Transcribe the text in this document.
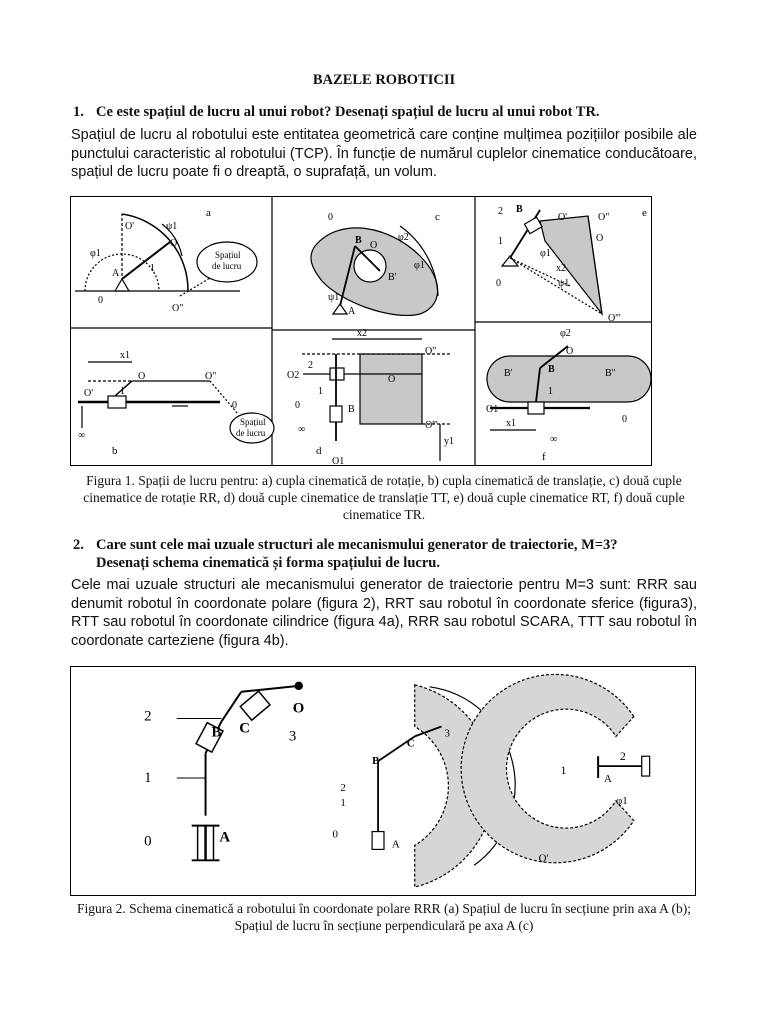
BAZELE ROBOTICII
1. Ce este spațiul de lucru al unui robot? Desenați spațiul de lucru al unui robot TR.
Spațiul de lucru al robotului este entitatea geometrică care conține mulțimea pozițiilor posibile ale punctului caracteristic al robotului (TCP). În funcție de numărul cuplelor cinematice conducătoare, spațiul de lucru poate fi o dreaptă, o suprafață, un volum.
a
Spațiul
de lucru
O'
O
O"
A
φ1
ψ1
1
0
x1
O	O"
O'	1
∞
b
Spațiul
de lucru
0
c
B O
φ2
φ1
ψ1
A
B'
0
x2
O2
2
1
0	B
O
O"
O'''
y1
∞
d
O1
e
2
1
0
B
O'	O"
O
x2
φ1
ψ1
O'''
φ2
B'	B
O
B"
O1
1
x1
∞
f
0
Figura 1. Spații de lucru pentru: a) cupla cinematică de rotație, b) cupla cinematică de translație, c) două cuple cinematice de rotație RR, d) două cuple cinematice de translație TT, e) două cuple cinematice RT, f) două cuple cinematice TR.
2. Care sunt cele mai uzuale structuri ale mecanismului generator de traiectorie, M=3?
Desenați schema cinematică și forma spațiului de lucru.
Cele mai uzuale structuri ale mecanismului generator de traiectorie pentru M=3 sunt: RRR sau denumit robotul în coordonate polare (figura 2), RRT sau robotul în coordonate sferice (figura3), RTT sau robotul în coordonate cilindrice (figura 4a), RRR sau robotul SCARA, TTT sau robotul în coordonate carteziene (figura 4b).
2
1
0	A
B C
O
3	C
B
2
1
0
A
3
1
2
A
φ1
O'
Figura 2. Schema cinematică a robotului în coordonate polare RRR (a) Spațiul de lucru în secțiune prin axa A (b); Spațiul de lucru în secțiune perpendiculară pe axa A (c)
